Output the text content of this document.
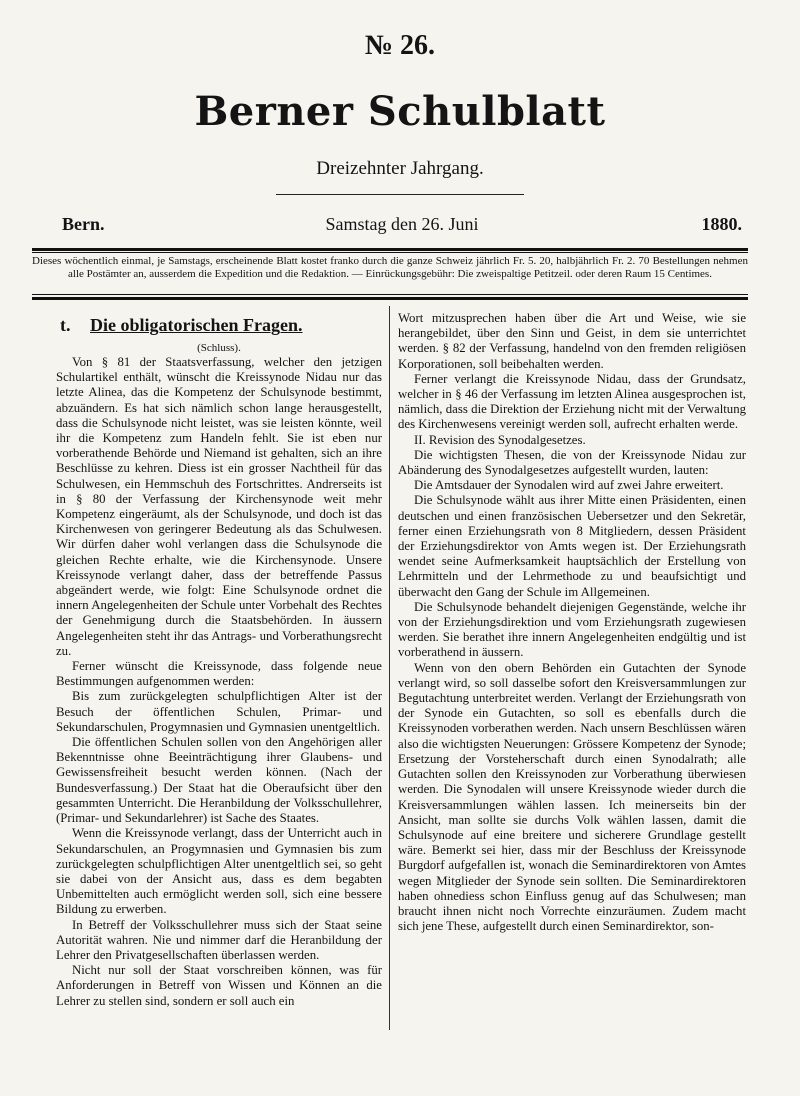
№ 26.
Berner Schulblatt
Dreizehnter Jahrgang.
Samstag den 26. Juni
Bern.	1880.
Dieses wöchentlich einmal, je Samstags, erscheinende Blatt kostet franko durch die ganze Schweiz jährlich Fr. 5. 20, halbjährlich Fr. 2. 70 Bestellungen nehmen alle Postämter an, ausserdem die Expedition und die Redaktion. — Einrückungsgebühr: Die zweispaltige Petitzeil. oder deren Raum 15 Centimes.
t. Die obligatorischen Fragen.
(Schluss).

Von § 81 der Staatsverfassung, welcher den jetzigen Schulartikel enthält, wünscht die Kreissynode Nidau nur das letzte Alinea, das die Kompetenz der Schulsynode bestimmt, abzuändern. Es hat sich nämlich schon lange herausgestellt, dass die Schulsynode nicht leistet, was sie leisten könnte, weil ihr die Kompetenz zum Handeln fehlt. Sie ist eben nur vorberathende Behörde und Niemand ist gehalten, sich an ihre Beschlüsse zu kehren. Diess ist ein grosser Nachtheil für das Schulwesen, ein Hemmschuh des Fortschrittes. Andrerseits ist in § 80 der Verfassung der Kirchensynode weit mehr Kompetenz eingeräumt, als der Schulsynode, und doch ist das Kirchenwesen von geringerer Bedeutung als das Schulwesen. Wir dürfen daher wohl verlangen dass die Schulsynode die gleichen Rechte erhalte, wie die Kirchensynode. Unsere Kreissynode verlangt daher, dass der betreffende Passus abgeändert werde, wie folgt: Eine Schulsynode ordnet die innern Angelegenheiten der Schule unter Vorbehalt des Rechtes der Genehmigung durch die Staatsbehörden. In äussern Angelegenheiten steht ihr das Antrags- und Vorberathungsrecht zu.

Ferner wünscht die Kreissynode, dass folgende neue Bestimmungen aufgenommen werden:

Bis zum zurückgelegten schulpflichtigen Alter ist der Besuch der öffentlichen Schulen, Primar- und Sekundarschulen, Progymnasien und Gymnasien unentgeltlich.

Die öffentlichen Schulen sollen von den Angehörigen aller Bekenntnisse ohne Beeinträchtigung ihrer Glaubens- und Gewissensfreiheit besucht werden können. (Nach der Bundesverfassung.) Der Staat hat die Oberaufsicht über den gesammten Unterricht. Die Heranbildung der Volksschullehrer, (Primar- und Sekundarlehrer) ist Sache des Staates.

Wenn die Kreissynode verlangt, dass der Unterricht auch in Sekundarschulen, an Progymnasien und Gymnasien bis zum zurückgelegten schulpflichtigen Alter unentgeltlich sei, so geht sie dabei von der Ansicht aus, dass es dem begabten Unbemittelten auch ermöglicht werden soll, sich eine bessere Bildung zu erwerben.

In Betreff der Volksschullehrer muss sich der Staat seine Autorität wahren. Nie und nimmer darf die Heranbildung der Lehrer den Privatgesellschaften überlassen werden.

Nicht nur soll der Staat vorschreiben können, was für Anforderungen in Betreff von Wissen und Können an die Lehrer zu stellen sind, sondern er soll auch ein

Wort mitzusprechen haben über die Art und Weise, wie sie herangebildet, über den Sinn und Geist, in dem sie unterrichtet werden. § 82 der Verfassung, handelnd von den fremden religiösen Korporationen, soll beibehalten werden.

Ferner verlangt die Kreissynode Nidau, dass der Grundsatz, welcher in § 46 der Verfassung im letzten Alinea ausgesprochen ist, nämlich, dass die Direktion der Erziehung nicht mit der Verwaltung des Kirchenwesens vereinigt werden soll, aufrecht erhalten werde.

II. Revision des Synodalgesetzes.

Die wichtigsten Thesen, die von der Kreissynode Nidau zur Abänderung des Synodalgesetzes aufgestellt wurden, lauten:

Die Amtsdauer der Synodalen wird auf zwei Jahre erweitert.

Die Schulsynode wählt aus ihrer Mitte einen Präsidenten, einen deutschen und einen französischen Uebersetzer und den Sekretär, ferner einen Erziehungsrath von 8 Mitgliedern, dessen Präsident der Erziehungsdirektor von Amts wegen ist. Der Erziehungsrath wendet seine Aufmerksamkeit hauptsächlich der Erstellung von Lehrmitteln und der Lehrmethode zu und beaufsichtigt und überwacht den Gang der Schule im Allgemeinen.

Die Schulsynode behandelt diejenigen Gegenstände, welche ihr von der Erziehungsdirektion und vom Erziehungsrath zugewiesen werden. Sie berathet ihre innern Angelegenheiten endgültig und ist vorberathend in äussern.

Wenn von den obern Behörden ein Gutachten der Synode verlangt wird, so soll dasselbe sofort den Kreisversammlungen zur Begutachtung unterbreitet werden. Verlangt der Erziehungsrath von der Synode ein Gutachten, so soll es ebenfalls durch die Kreissynoden vorberathen werden. Nach unsern Beschlüssen wären also die wichtigsten Neuerungen: Grössere Kompetenz der Synode; Ersetzung der Vorsteherschaft durch einen Synodalrath; alle Gutachten sollen den Kreissynoden zur Vorberathung überwiesen werden. Die Synodalen will unsere Kreissynode wieder durch die Kreisversammlungen wählen lassen. Ich meinerseits bin der Ansicht, man sollte sie durchs Volk wählen lassen, damit die Schulsynode auf eine breitere und sicherere Grundlage gestellt wäre. Bemerkt sei hier, dass mir der Beschluss der Kreissynode Burgdorf aufgefallen ist, wonach die Seminardirektoren von Amtes wegen Mitglieder der Synode sein sollten. Die Seminardirektoren haben ohnediess schon Einfluss genug auf das Schulwesen; man braucht ihnen nicht noch Vorrechte einzuräumen. Zudem macht sich jene These, aufgestellt durch einen Seminardirektor, son-
